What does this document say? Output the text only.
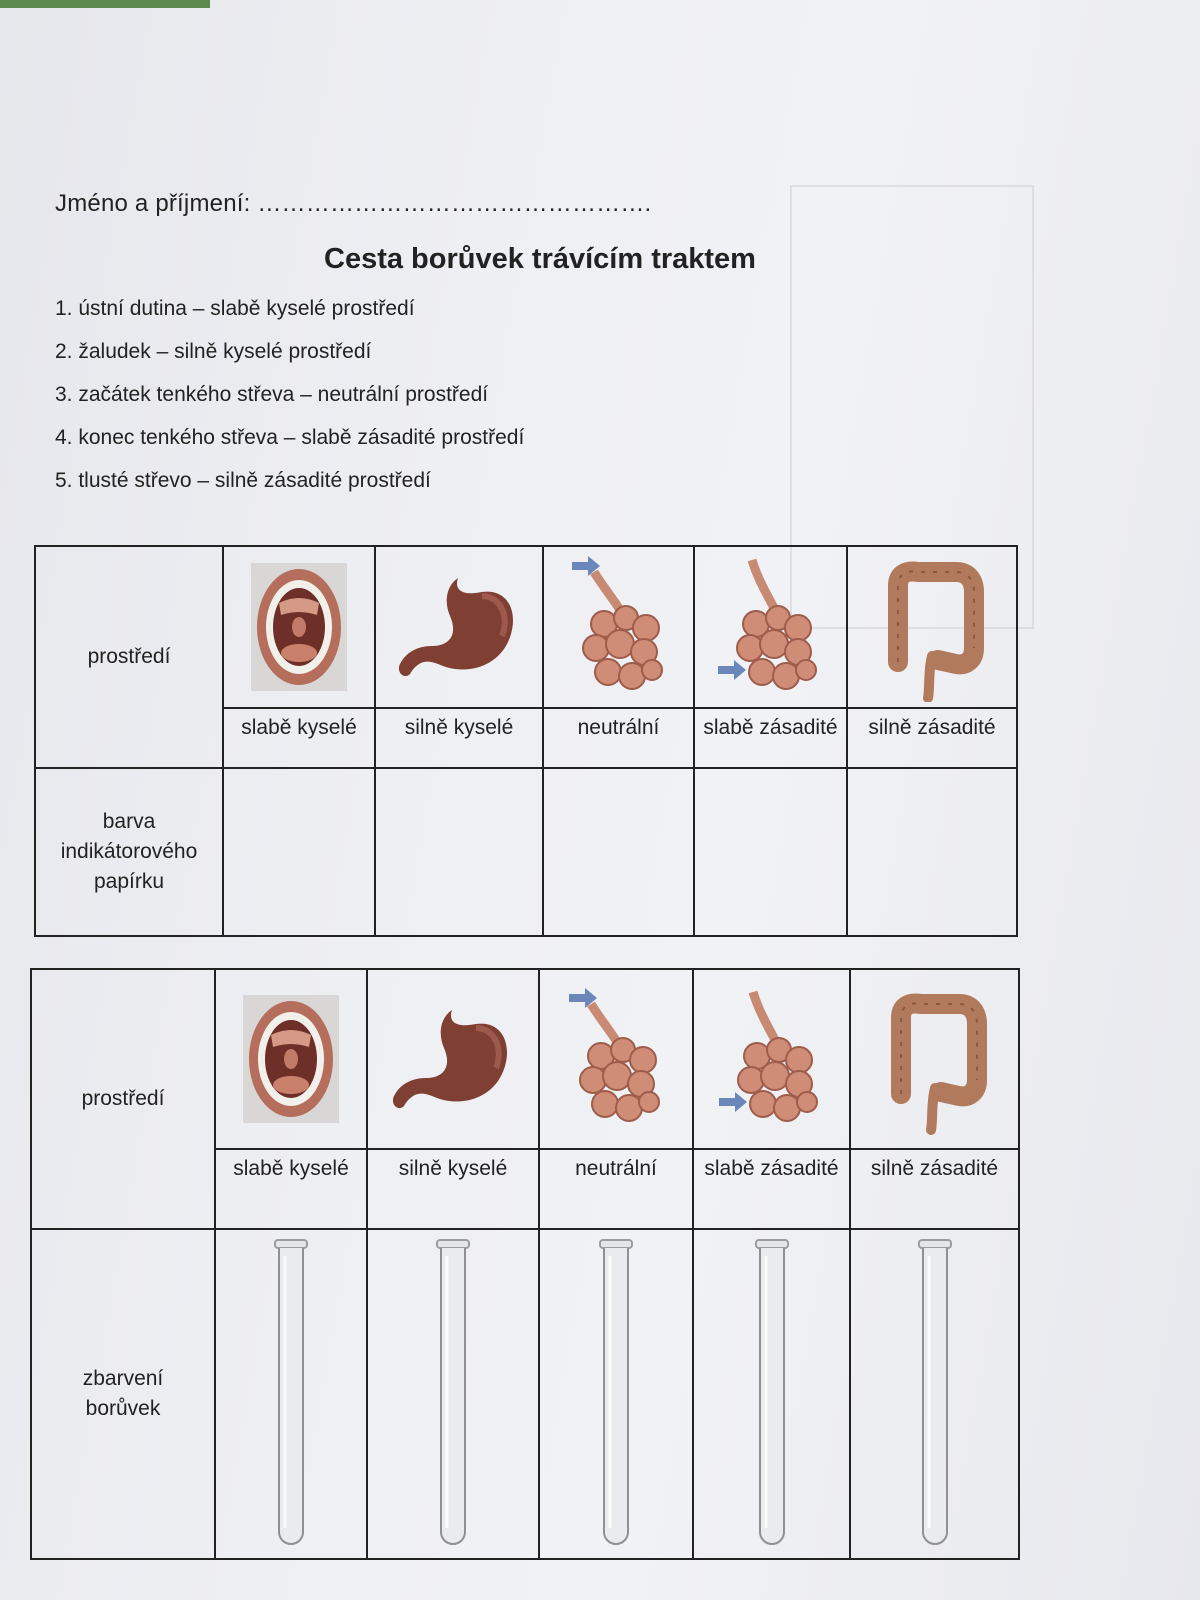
Jméno a příjmení: ………………………………………….
Cesta borůvek trávícím traktem
1. ústní dutina – slabě kyselé prostředí
2. žaludek – silně kyselé prostředí
3. začátek tenkého střeva – neutrální prostředí
4. konec tenkého střeva – slabě zásadité prostředí
5. tlusté střevo – silně zásadité prostředí
prostředí	

	slabě kyselé	silně kyselé	neutrální	slabě zásadité	silně zásadité
barva indikátorového papírku					
prostředí	

	slabě kyselé	silně kyselé	neutrální	slabě zásadité	silně zásadité
zbarvení borůvek	
